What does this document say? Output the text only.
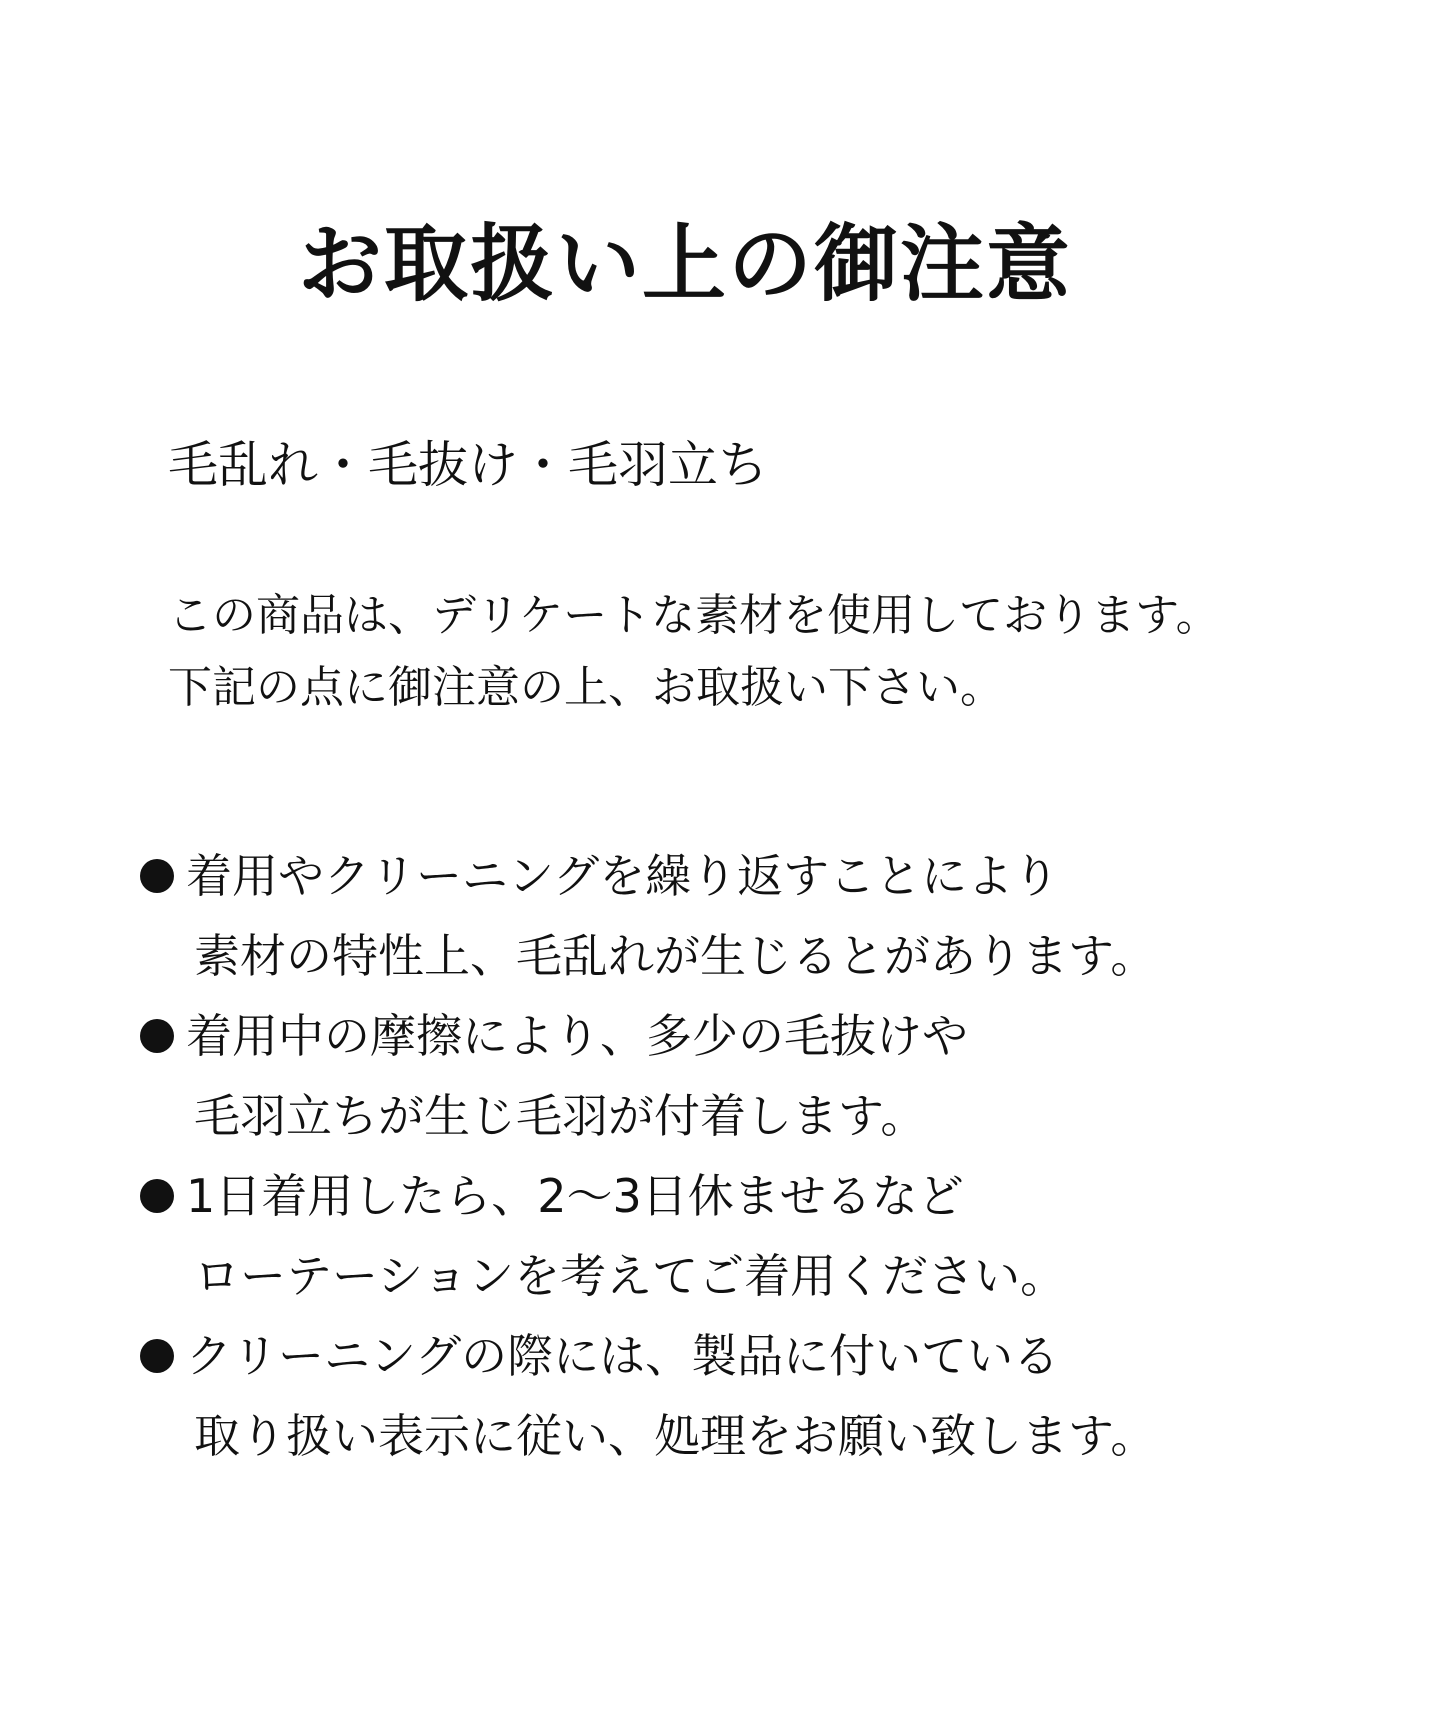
お取扱い上の御注意
毛乱れ・毛抜け・毛羽立ち
この商品は、デリケートな素材を使用しております。
下記の点に御注意の上、お取扱い下さい。
着用やクリーニングを繰り返すことにより
素材の特性上、毛乱れが生じるとがあります。
着用中の摩擦により、多少の毛抜けや
毛羽立ちが生じ毛羽が付着します。
1日着用したら、2〜3日休ませるなど
ローテーションを考えてご着用ください。
クリーニングの際には、製品に付いている
取り扱い表示に従い、処理をお願い致します。
